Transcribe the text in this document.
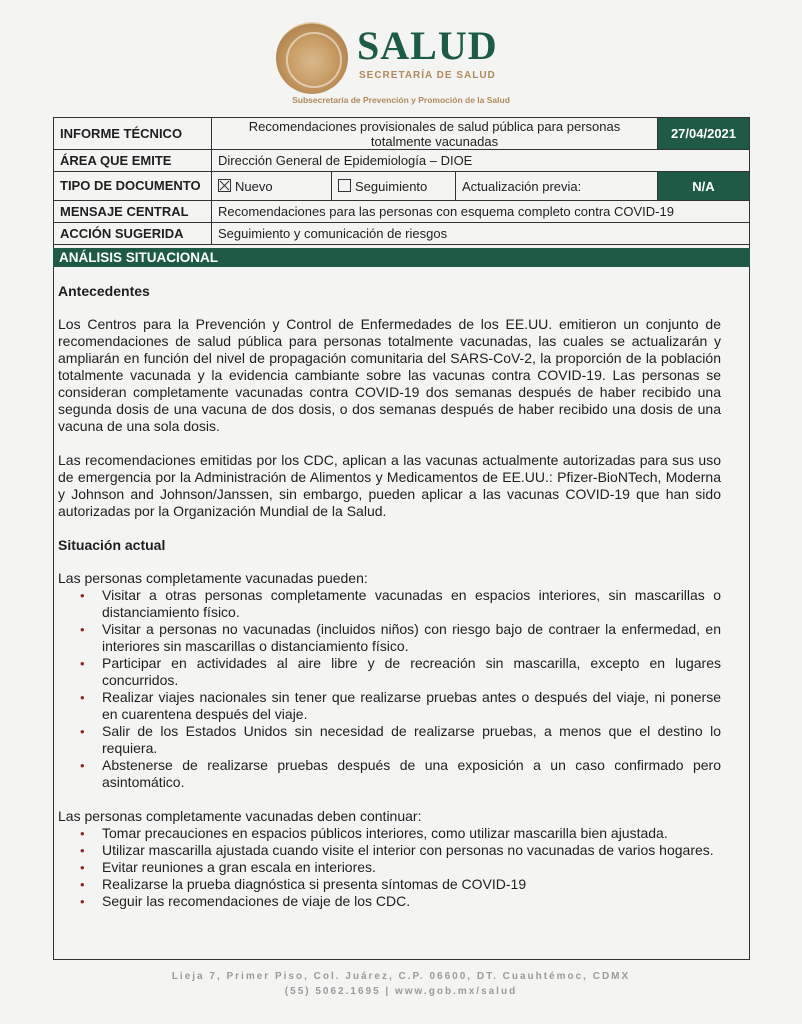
SALUD
SECRETARÍA DE SALUD
Subsecretaría de Prevención y Promoción de la Salud
INFORME TÉCNICO	Recomendaciones provisionales de salud pública para personas totalmente vacunadas			27/04/2021
ÁREA QUE EMITE	Dirección General de Epidemiología – DIOE			
TIPO DE DOCUMENTO	Nuevo	Seguimiento	Actualización previa:	N/A
MENSAJE CENTRAL	Recomendaciones para las personas con esquema completo contra COVID-19			
ACCIÓN SUGERIDA	Seguimiento y comunicación de riesgos			
ANÁLISIS SITUACIONAL
Antecedentes
Los Centros para la Prevención y Control de Enfermedades de los EE.UU. emitieron un conjunto de recomendaciones de salud pública para personas totalmente vacunadas, las cuales se actualizarán y ampliarán en función del nivel de propagación comunitaria del SARS-CoV-2, la proporción de la población totalmente vacunada y la evidencia cambiante sobre las vacunas contra COVID-19. Las personas se consideran completamente vacunadas contra COVID-19 dos semanas después de haber recibido una segunda dosis de una vacuna de dos dosis, o dos semanas después de haber recibido una dosis de una vacuna de una sola dosis.
Las recomendaciones emitidas por los CDC, aplican a las vacunas actualmente autorizadas para sus uso de emergencia por la Administración de Alimentos y Medicamentos de EE.UU.: Pfizer-BioNTech, Moderna y Johnson and Johnson/Janssen, sin embargo, pueden aplicar a las vacunas COVID-19 que han sido autorizadas por la Organización Mundial de la Salud.
Situación actual
Las personas completamente vacunadas pueden:
• Visitar a otras personas completamente vacunadas en espacios interiores, sin mascarillas o distanciamiento físico.
• Visitar a personas no vacunadas (incluidos niños) con riesgo bajo de contraer la enfermedad, en interiores sin mascarillas o distanciamiento físico.
• Participar en actividades al aire libre y de recreación sin mascarilla, excepto en lugares concurridos.
• Realizar viajes nacionales sin tener que realizarse pruebas antes o después del viaje, ni ponerse en cuarentena después del viaje.
• Salir de los Estados Unidos sin necesidad de realizarse pruebas, a menos que el destino lo requiera.
• Abstenerse de realizarse pruebas después de una exposición a un caso confirmado pero asintomático.
Las personas completamente vacunadas deben continuar:
• Tomar precauciones en espacios públicos interiores, como utilizar mascarilla bien ajustada.
• Utilizar mascarilla ajustada cuando visite el interior con personas no vacunadas de varios hogares.
• Evitar reuniones a gran escala en interiores.
• Realizarse la prueba diagnóstica si presenta síntomas de COVID-19
• Seguir las recomendaciones de viaje de los CDC.
Lieja 7, Primer Piso, Col. Juárez, C.P. 06600, DT. Cuauhtémoc, CDMX
(55) 5062.1695 | www.gob.mx/salud
